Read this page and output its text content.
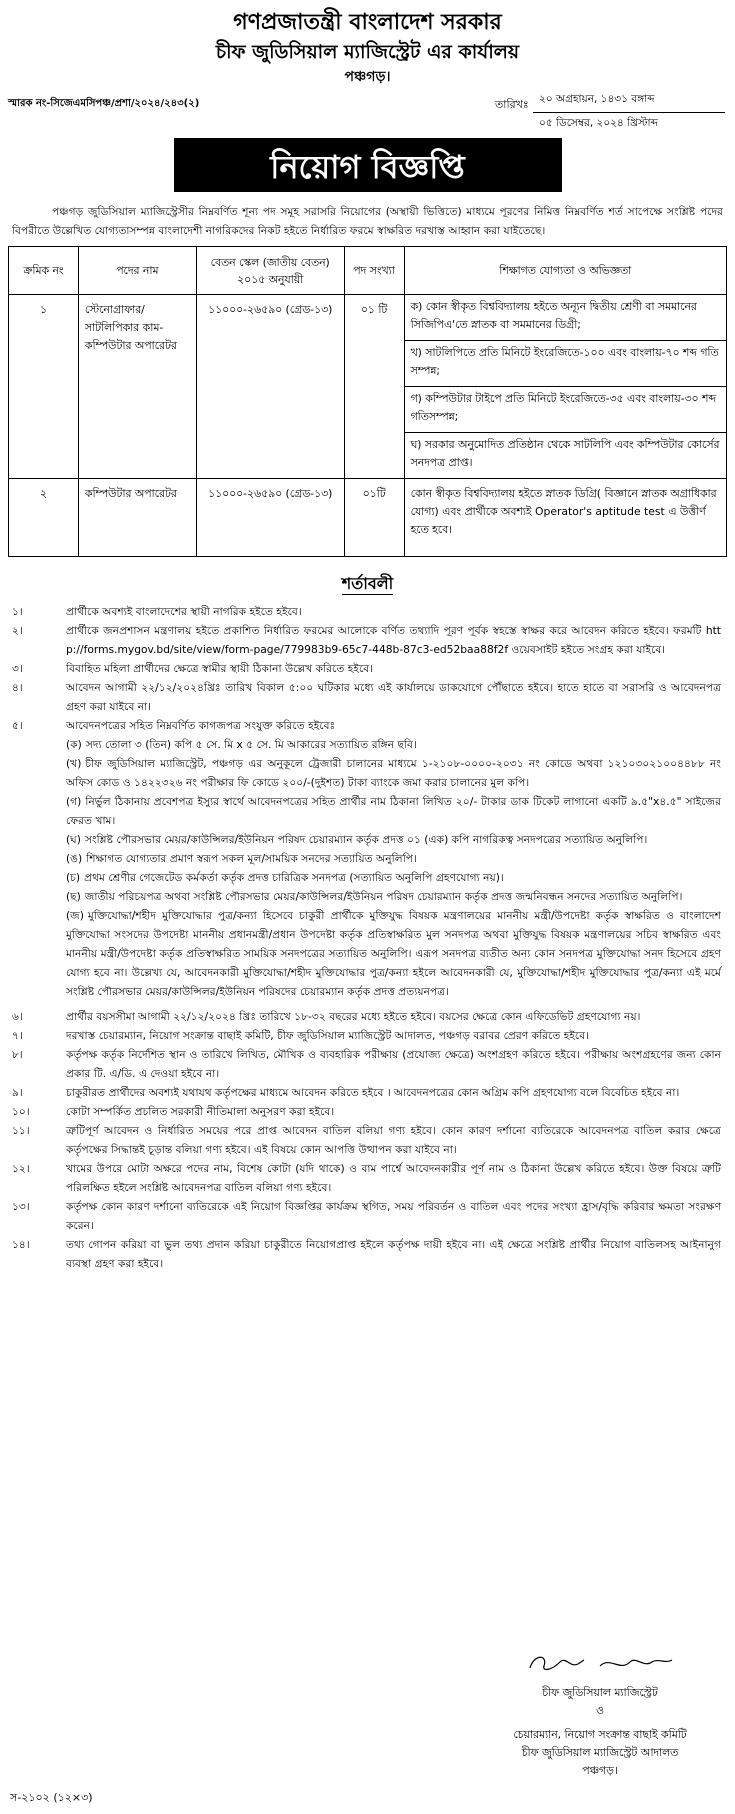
গণপ্রজাতন্ত্রী বাংলাদেশ সরকার
চীফ জুডিসিয়াল ম্যাজিস্ট্রেট এর কার্যালয়
পঞ্চগড়।
স্মারক নং-সিজেএমসিপঞ্চ/প্রশা/২০২৪/২৪৩(২)	তারিখঃ ২০ অগ্রহায়ন, ১৪৩১ বঙ্গাব্দ
০৫ ডিসেম্বর, ২০২৪ খ্রিস্টাব্দ
নিয়োগ বিজ্ঞপ্তি

পঞ্চগড় জুডিসিয়াল ম্যাজিস্ট্রেসীর নিম্নবর্ণিত শূন্য পদ সমূহ সরাসরি নিয়োগের (অস্থায়ী ভিত্তিতে) মাধ্যমে পূরণের নিমিত্ত নিম্নবর্ণিত শর্ত সাপেক্ষে সংশ্লিষ্ট পদের বিপরীতে উল্লেখিত যোগ্যতাসম্পন্ন বাংলাদেশী নাগরিকদের নিকট হইতে নির্ধারিত ফরমে স্বাক্ষরিত দরখাস্ত আহ্বান করা যাইতেছে।

ক্রমিক নং	পদের নাম	বেতন স্কেল (জাতীয় বেতন) ২০১৫ অনুযায়ী	পদ সংখ্যা	শিক্ষাগত যোগ্যতা ও অভিজ্ঞতা
১	স্টেনোগ্রাফার/ সাটলিপিকার কাম-কম্পিউটার অপারেটর	১১০০০-২৬৫৯০ (গ্রেড-১৩)	০১ টি	ক) কোন স্বীকৃত বিশ্ববিদ্যালয় হইতে অন্যূন দ্বিতীয় শ্রেণী বা সমমানের সিজিপিএ'তে স্নাতক বা সমমানের ডিগ্রী;
খ) সাটলিপিতে প্রতি মিনিটে ইংরেজিতে-১০০ এবং বাংলায়-৭০ শব্দ গতি সম্পন্ন;
গ) কম্পিউটার টাইপে প্রতি মিনিটে ইংরেজিতে-৩৫ এবং বাংলায়-৩০ শব্দ গতিসম্পন্ন;
ঘ) সরকার অনুমোদিত প্রতিষ্ঠান থেকে সাটলিপি এবং কম্পিউটার কোর্সের সনদপত্র প্রাপ্ত।

২	কম্পিউটার অপারেটর	১১০০০-২৬৫৯০ (গ্রেড-১৩)	০১টি	কোন স্বীকৃত বিশ্ববিদ্যালয় হইতে স্নাতক ডিগ্রি( বিজ্ঞানে স্নাতক অগ্রাধিকার যোগ্য) এবং প্রার্থীকে অবশ্যই Operator's aptitude test এ উত্তীর্ণ হতে হবে।
শর্তাবলী
১।	প্রার্থীকে অবশ্যই বাংলাদেশের স্থায়ী নাগরিক হইতে হইবে।
২।	প্রার্থীকে জনপ্রশাসন মন্ত্রণালয় হইতে প্রকাশিত নির্ধারিত ফরমের আলোকে বর্ণিত তথ্যাদি পূরণ পূর্বক স্বহস্তে স্বাক্ষর করে আবেদন করিতে হইবে। ফরমটি http://forms.mygov.bd/site/view/form-page/779983b9-65c7-448b-87c3-ed52baa88f2f ওয়েবসাইট হইতে সংগ্রহ করা যাইবে।
৩।	বিবাহিত মহিলা প্রার্থীদের ক্ষেত্রে স্বামীর স্থায়ী ঠিকানা উল্লেখ করিতে হইবে।
৪।	আবেদন আগামী ২২/১২/২০২৪খ্রিঃ তারিখ বিকাল ৫:০০ ঘটিকার মধ্যে এই কার্যালয়ে ডাকযোগে পৌঁছাতে হইবে। হাতে হাতে বা সরাসরি ও আবেদনপত্র গ্রহণ করা যাইবে না।
৫।	আবেদনপত্রের সহিত নিম্নবর্ণিত কাগজপত্র সংযুক্ত করিতে হইবেঃ
(ক) সদ্য তোলা ৩ (তিন) কপি ৫ সে. মি x ৫ সে. মি আকারের সত্যায়িত রঙ্গিন ছবি।
(খ) চীফ জুডিসিয়াল ম্যাজিস্ট্রেট, পঞ্চগড় এর অনুকূলে ট্রেজারী চালানের মাধ্যমে ১-২১০৮-০০০০-২০৩১ নং কোডে অথবা ১২১০৩০২১০০৪৪৮৮ নং অফিস কোড ও ১৪২২৩২৬ নং পরীক্ষার ফি কোডে ২০০/-(দুইশত) টাকা ব্যাংকে জমা করার চালানের মুল কপি।
(গ) নির্ভুল ঠিকানায় প্রবেশপত্র ইস্যুর স্বার্থে আবেদনপত্রের সহিত প্রার্থীর নাম ঠিকানা লিখিত ২০/- টাকার ডাক টিকেট লাগানো একটি ৯.৫"x৪.৫" সাইজের ফেরত খাম।
(ঘ) সংশ্লিষ্ট পৌরসভার মেয়র/কাউন্সিলর/ইউনিয়ন পরিষদ চেয়ারম্যান কর্তৃক প্রদত্ত ০১ (এক) কপি নাগরিকত্ব সনদপত্রের সত্যায়িত অনুলিপি।
(ঙ) শিক্ষাগত যোগ্যতার প্রমাণ স্বরূপ সকল মূল/সাময়িক সনদের সত্যায়িত অনুলিপি।
(চ) প্রথম শ্রেণীর গেজেটেড কর্মকর্তা কর্তৃক প্রদত্ত চারিত্রিক সনদপত্র (সত্যায়িত অনুলিপি গ্রহণযোগ্য নয়)।
(ছ) জাতীয় পরিচয়পত্র অথবা সংশ্লিষ্ট পৌরসভার মেয়র/কাউন্সিলর/ইউনিয়ন পরিষদ চেয়ারম্যান কর্তৃক প্রদত্ত জন্মনিবন্ধন সনদের সত্যায়িত অনুলিপি।
(জ) মুক্তিযোদ্ধা/শহীদ মুক্তিযোদ্ধার পুত্র/কন্যা হিসেবে চাকুরী প্রার্থীকে মুক্তিযুদ্ধ বিষয়ক মন্ত্রণালয়ের মাননীয় মন্ত্রী/উপদেষ্টা কর্তৃক স্বাক্ষরিত ও বাংলাদেশ মুক্তিযোদ্ধা সংসদের উপদেষ্টা মাননীয় প্রধানমন্ত্রী/প্রধান উপদেষ্টা কর্তৃক প্রতিস্বাক্ষরিত মুল সনদপত্র অথবা মুক্তিযুদ্ধ বিষয়ক মন্ত্রণালয়ের সচিব স্বাক্ষরিত এবং মাননীয় মন্ত্রী/উপদেষ্টা কর্তৃক প্রতিস্বাক্ষরিত সাময়িক সনদপত্রের সত্যায়িত অনুলিপি। এরূপ সনদপত্র ব্যতীত অন্য কোন সনদপত্র মুক্তিযোদ্ধা সনদ হিসেবে গ্রহণ যোগ্য হবে না। উল্লেখ্য যে, আবেদনকারী মুক্তিযোদ্ধা/শহীদ মুক্তিযোদ্ধার পুত্র/কন্যা হইলে আবেদনকারী যে, মুক্তিযোদ্ধা/শহীদ মুক্তিযোদ্ধার পুত্র/কন্যা এই মর্মে সংশ্লিষ্ট পৌরসভার মেয়র/কাউন্সিলর/ইউনিয়ন পরিষদের চেয়ারম্যান কর্তৃক প্রদত্ত প্রত্যয়নপত্র।
৬।	প্রার্থীর বয়সসীমা আগামী ২২/১২/২০২৪ খ্রিঃ তারিখে ১৮-৩২ বছরের মধ্যে হইতে হইবে। বয়সের ক্ষেত্রে কোন এফিডেভিট গ্রহণযোগ্য নয়।
৭।	দরখাস্ত চেয়ারম্যান, নিয়োগ সংক্রান্ত বাছাই কমিটি, চীফ জুডিসিয়াল ম্যাজিস্ট্রেট আদালত, পঞ্চগড় বরাবর প্রেরণ করিতে হইবে।
৮।	কর্তৃপক্ষ কর্তৃক নির্দেশিত স্থান ও তারিখে লিখিত, মৌখিক ও ব্যবহারিক পরীক্ষায় (প্রযোজ্য ক্ষেত্রে) অংশগ্রহণ করিতে হইবে। পরীক্ষায় অংশগ্রহণের জন্য কোন প্রকার টি. এ/ডি. এ দেওয়া হইবে না।
৯।	চাকুরীরত প্রার্থীদের অবশ্যই যথাযথ কর্তৃপক্ষের মাধ্যমে আবেদন করিতে হইবে । আবেদনপত্রের কোন অগ্রিম কপি গ্রহণযোগ্য বলে বিবেচিত হইবে না।
১০।	কোটা সম্পর্কিত প্রচলিত সরকারী নীতিমালা অনুসরণ করা হইবে।
১১।	ত্রুটিপূর্ণ আবেদন ও নির্ধারিত সময়ের পরে প্রাপ্ত আবেদন বাতিল বলিয়া গণ্য হইবে। কোন কারণ দর্শানো ব্যতিরেকে আবেদনপত্র বাতিল করার ক্ষেত্রে কর্তৃপক্ষের সিদ্ধান্তই চূড়ান্ত বলিয়া গণ্য হইবে। এই বিষয়ে কোন আপত্তি উত্থাপন করা যাইবে না।
১২।	খামের উপরে মোটা অক্ষরে পদের নাম, বিশেষ কোটা (যদি থাকে) ও বাম পার্শ্বে আবেদনকারীর পূর্ণ নাম ও ঠিকানা উল্লেখ করিতে হইবে। উক্ত বিষয়ে ত্রুটি পরিলক্ষিত হইলে সংশ্লিষ্ট আবেদনপত্র বাতিল বলিয়া গণ্য হইবে।
১৩।	কর্তৃপক্ষ কোন কারণ দর্শানো ব্যতিরেকে এই নিয়োগ বিজ্ঞপ্তির কার্যক্রম স্থগিত, সময় পরিবর্তন ও বাতিল এবং পদের সংখ্যা হ্রাস/বৃদ্ধি করিবার ক্ষমতা সংরক্ষণ করেন।
১৪।	তথ্য গোপন করিয়া বা ভুল তথ্য প্রদান করিয়া চাকুরীতে নিয়োগপ্রাপ্ত হইলে কর্তৃপক্ষ দায়ী হইবে না। এই ক্ষেত্রে সংশ্লিষ্ট প্রার্থীর নিয়োগ বাতিলসহ আইনানুগ ব্যবস্থা গ্রহণ করা হইবে।
চীফ জুডিসিয়াল ম্যাজিস্ট্রেট
ও
চেয়ারম্যান, নিয়োগ সংক্রান্ত বাছাই কমিটি
চীফ জুডিসিয়াল ম্যাজিস্ট্রেট আদালত
পঞ্চগড়।
স-২১০২ (১২×৩)
